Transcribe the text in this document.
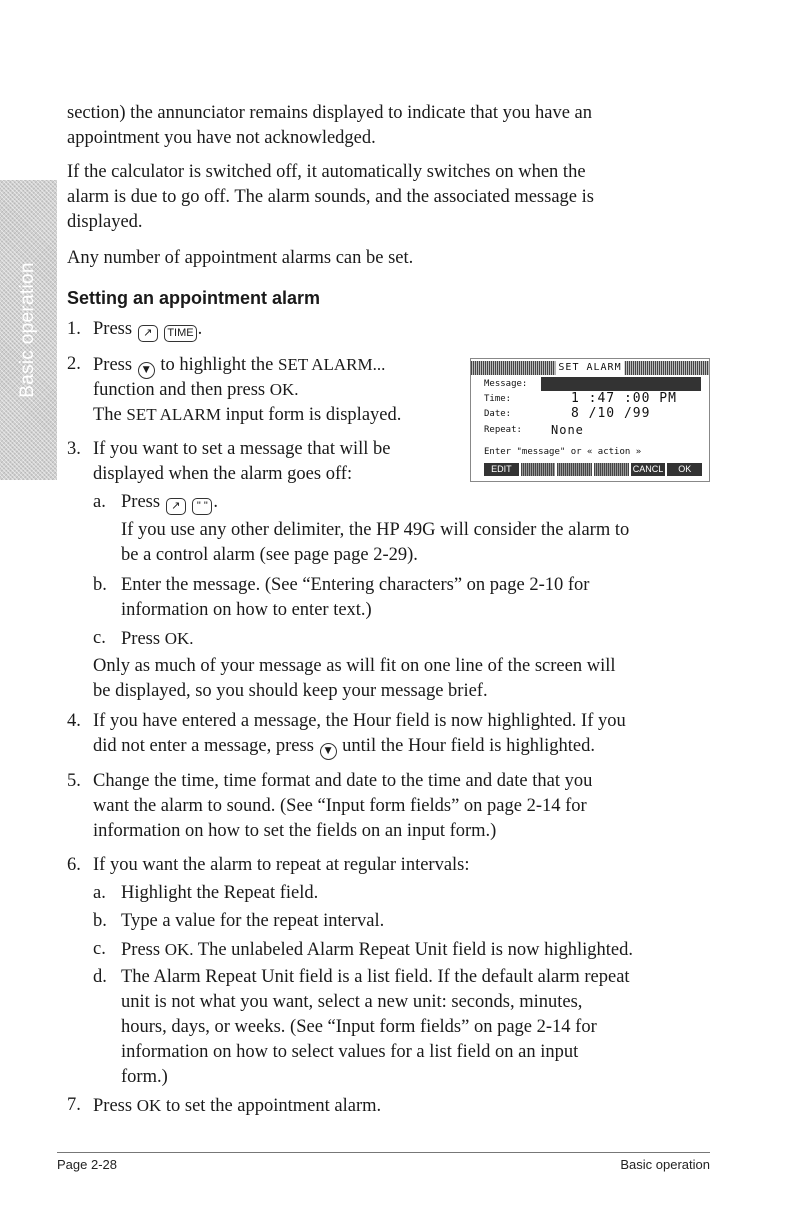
Basic operation

section) the annunciator remains displayed to indicate that you have an

appointment you have not acknowledged.

If the calculator is switched off, it automatically switches on when the

alarm is due to go off. The alarm sounds, and the associated message is

displayed.

Any number of appointment alarms can be set.

Setting an appointment alarm
1. Press ↗ TIME .

2. Press ▼ to highlight the SET ALARM...

function and then press OK.

The SET ALARM input form is displayed.

3. If you want to set a message that will be

displayed when the alarm goes off:

a. Press ↗ " " .

If you use any other delimiter, the HP 49G will consider the alarm to

be a control alarm (see page page 2-29).

b. Enter the message. (See “Entering characters” on page 2-10 for

information on how to enter text.)

c. Press OK.

Only as much of your message as will fit on one line of the screen will

be displayed, so you should keep your message brief.

4. If you have entered a message, the Hour field is now highlighted. If you

did not enter a message, press ▼ until the Hour field is highlighted.

5. Change the time, time format and date to the time and date that you

want the alarm to sound. (See “Input form fields” on page 2-14 for

information on how to set the fields on an input form.)

6. If you want the alarm to repeat at regular intervals:

a. Highlight the Repeat field.

b. Type a value for the repeat interval.

c. Press OK. The unlabeled Alarm Repeat Unit field is now highlighted.

d. The Alarm Repeat Unit field is a list field. If the default alarm repeat

unit is not what you want, select a new unit: seconds, minutes,

hours, days, or weeks. (See “Input form fields” on page 2-14 for

information on how to select values for a list field on an input

form.)

7. Press OK to set the appointment alarm.

SET ALARM
Message:
Time:	1 :47 :00 PM
Date:	8 /10 /99
Repeat: None
Enter "message" or « action »
EDIT	CANCL	OK
Page 2-28	Basic operation
